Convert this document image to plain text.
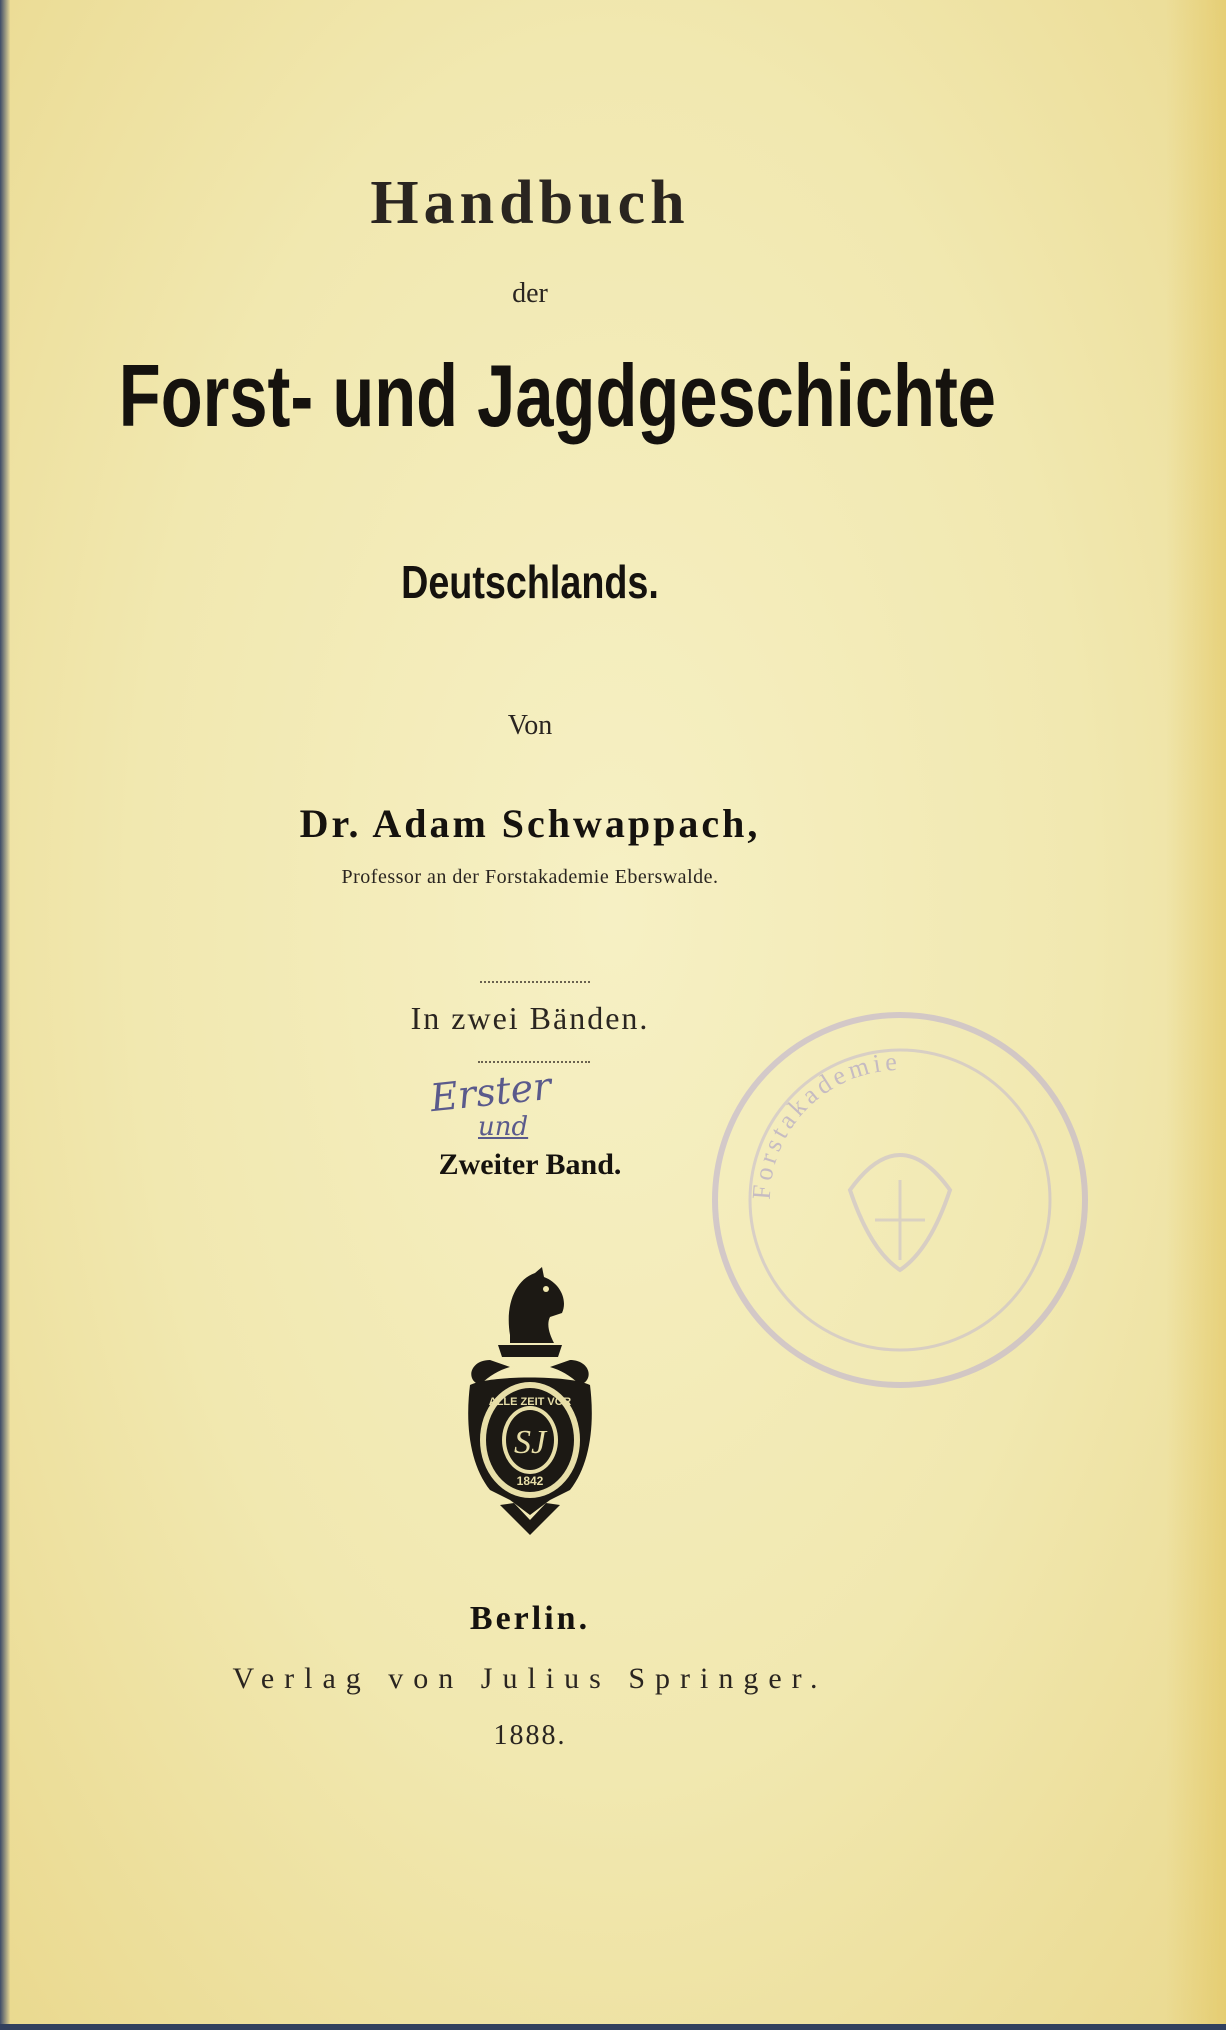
Handbuch
der
Forst- und Jagdgeschichte
Deutschlands.
Von
Dr. Adam Schwappach,
Professor an der Forstakademie Eberswalde.
In zwei Bänden.
Erster
und
Zweiter Band.
Forstakademie
SJ
ALLE ZEIT VOR
1842
Berlin.
Verlag von Julius Springer.
1888.
